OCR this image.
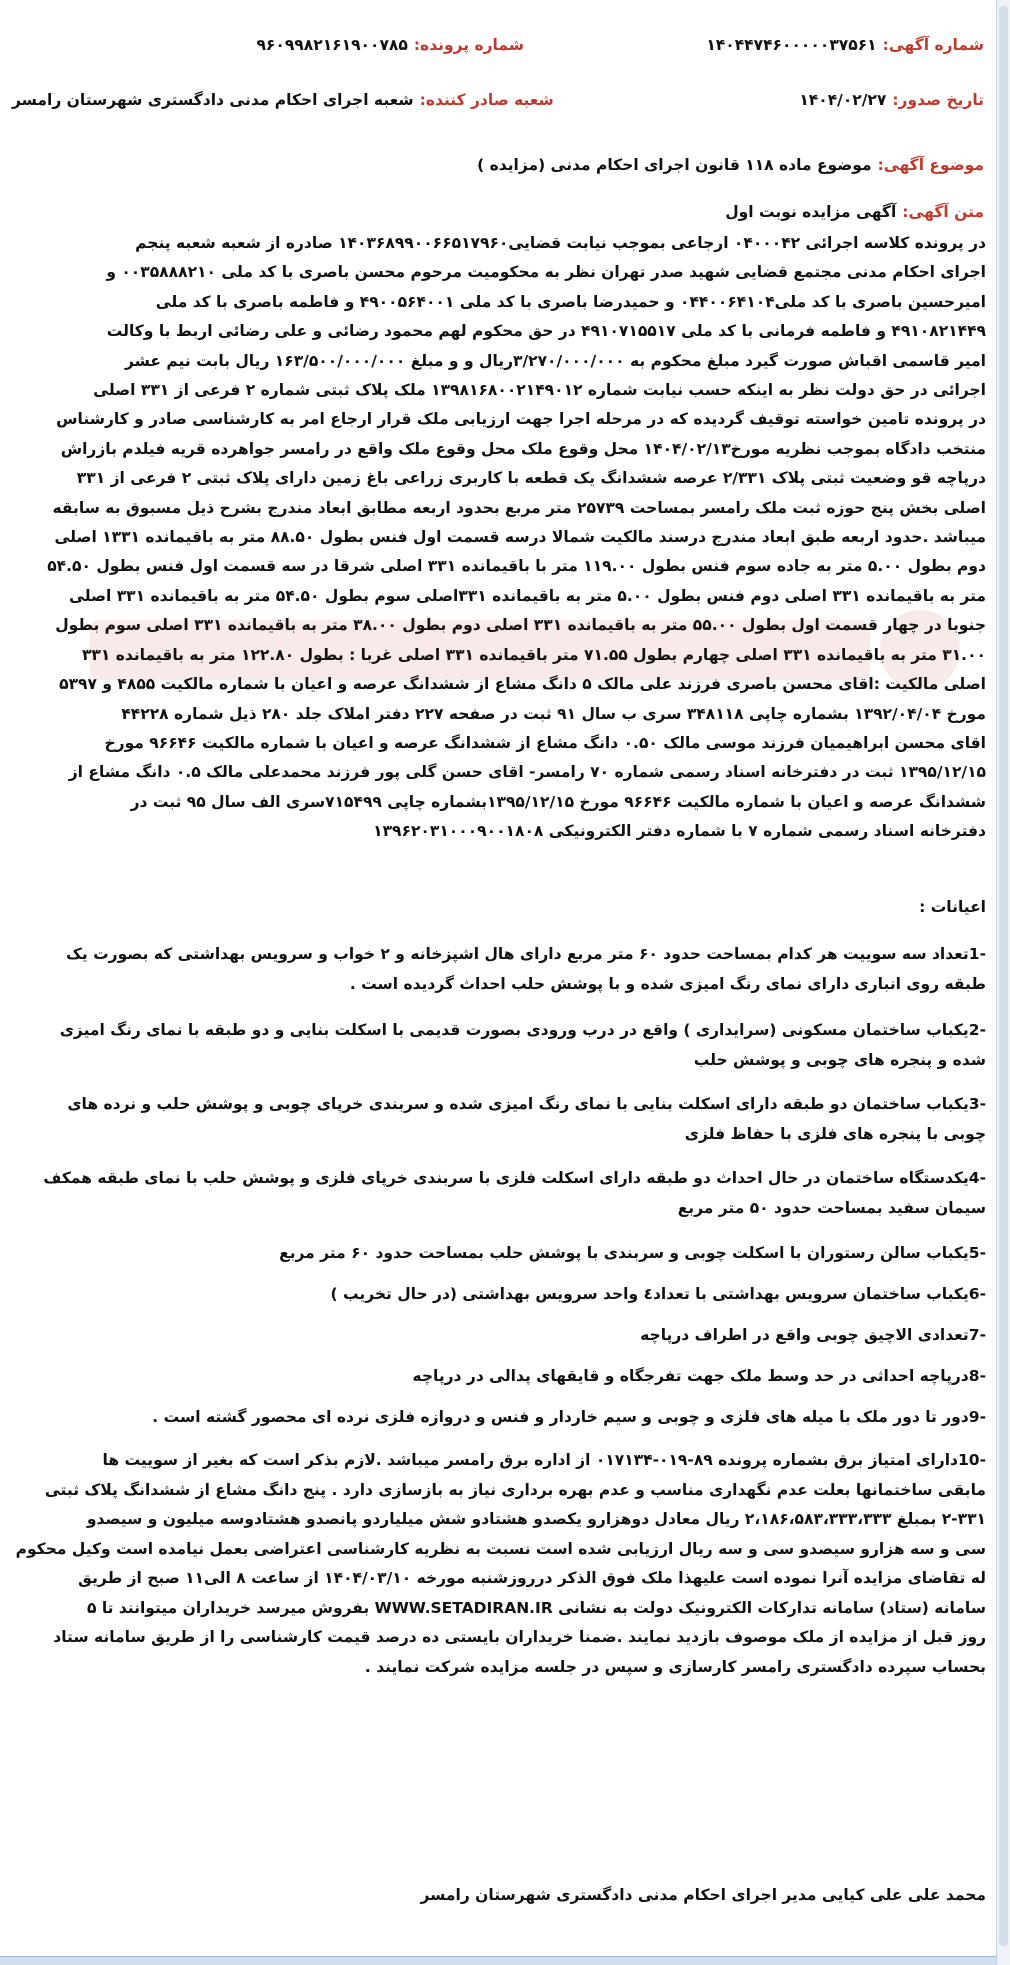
شماره آگهی:
۱۴۰۴۴۷۴۶۰۰۰۰۰۳۷۵۶۱
شماره پرونده:
۹۶۰۹۹۸۲۱۶۱۹۰۰۷۸۵
تاریخ صدور:
۱۴۰۴/۰۲/۲۷
شعبه صادر کننده:
شعبه اجرای احکام مدنی دادگستری شهرستان رامسر
موضوع آگهی:
موضوع ماده ۱۱۸ قانون اجرای احکام مدنی (مزایده )
متن آگهی:
آگهی مزایده نوبت اول
در پرونده کلاسه اجرائی ۰۴۰۰۰۴۲ ارجاعی بموجب نیابت قضایی۱۴۰۳۶۸۹۹۰۰۶۶۵۱۷۹۶۰ صادره از شعبه شعبه پنجم
اجرای احکام مدنی مجتمع قضایی شهید صدر تهران نظر به محکومیت مرحوم محسن باصری با کد ملی ۰۰۳۵۸۸۸۲۱۰ و
امیرحسین باصری با کد ملی۰۴۴۰۰۶۴۱۰۴ و حمیدرضا باصری با کد ملی ۴۹۰۰۵۶۴۰۰۱ و فاطمه باصری با کد ملی
۴۹۱۰۸۲۱۴۴۹ و فاطمه فرمانی با کد ملی ۴۹۱۰۷۱۵۵۱۷ در حق محکوم لهم محمود رضائی و علی رضائی اربط با وکالت
امیر قاسمی اقباش صورت گیرد مبلغ محکوم به ۳/۲۷۰/۰۰۰/۰۰۰ریال و و مبلغ ۱۶۳/۵۰۰/۰۰۰/۰۰۰ ریال بابت نیم عشر
اجرائی در حق دولت نظر به اینکه حسب نیابت شماره ۱۳۹۸۱۶۸۰۰۲۱۴۹۰۱۲ ملک پلاک ثبتی شماره ۲ فرعی از ۳۳۱ اصلی
در پرونده تامین خواسته توقیف گردیده که در مرحله اجرا جهت ارزیابی ملک قرار ارجاع امر به کارشناسی صادر و کارشناس
منتخب دادگاه بموجب نظریه مورخ۱۴۰۴/۰۲/۱۳ محل وقوع ملک محل وقوع ملک واقع در رامسر جواهرده قریه فیلدم بازراش
درپاچه قو وضعیت ثبتی پلاک ۲/۳۳۱ عرصه ششدانگ یک قطعه با کاربری زراعی باغ زمین دارای پلاک ثبتی ۲ فرعی از ۳۳۱
اصلی بخش پنج حوزه ثبت ملک رامسر بمساحت ۲۵۷۳۹ متر مربع بحدود اربعه مطابق ابعاد مندرج بشرح ذیل مسبوق به سابقه
میباشد .حدود اربعه طبق ابعاد مندرج درسند مالکیت شمالا درسه قسمت اول فنس بطول ۸۸.۵۰ متر به باقیمانده ۱۳۳۱ اصلی
دوم بطول ۵.۰۰ متر به جاده سوم فنس بطول ۱۱۹.۰۰ متر با باقیمانده ۳۳۱ اصلی شرقا در سه قسمت اول فنس بطول ۵۴.۵۰
متر به باقیمانده ۳۳۱ اصلی دوم فنس بطول ۵.۰۰ متر به باقیمانده ۳۳۱اصلی سوم بطول ۵۴.۵۰ متر به باقیمانده ۳۳۱ اصلی
جنوبا در چهار قسمت اول بطول ۵۵.۰۰ متر به باقیمانده ۳۳۱ اصلی دوم بطول ۳۸.۰۰ متر به باقیمانده ۳۳۱ اصلی سوم بطول
۳۱.۰۰ متر به باقیمانده ۳۳۱ اصلی چهارم بطول ۷۱.۵۵ متر باقیمانده ۳۳۱ اصلی غربا : بطول ۱۲۲.۸۰ متر به باقیمانده ۳۳۱
اصلی مالکیت :اقای محسن باصری فرزند علی مالک ۵ دانگ مشاع از ششدانگ عرصه و اعیان با شماره مالکیت ۴۸۵۵ و ۵۳۹۷
مورخ ۱۳۹۲/۰۴/۰۴ بشماره چاپی ۳۴۸۱۱۸ سری ب سال ۹۱ ثبت در صفحه ۲۲۷ دفتر املاک جلد ۲۸۰ ذیل شماره ۴۴۲۲۸
اقای محسن ابراهیمیان فرزند موسی مالک ۰.۵۰ دانگ مشاع از ششدانگ عرصه و اعیان با شماره مالکیت ۹۶۶۴۶ مورخ
۱۳۹۵/۱۲/۱۵ ثبت در دفترخانه اسناد رسمی شماره ۷۰ رامسر- اقای حسن گلی پور فرزند محمدعلی مالک ۰.۵ دانگ مشاع از
ششدانگ عرصه و اعیان با شماره مالکیت ۹۶۶۴۶ مورخ ۱۳۹۵/۱۲/۱۵بشماره چاپی ۷۱۵۴۹۹سری الف سال ۹۵ ثبت در
دفترخانه اسناد رسمی شماره ۷ با شماره دفتر الکترونیکی ۱۳۹۶۲۰۳۱۰۰۰۹۰۰۱۸۰۸
اعیانات :
-1تعداد سه سوییت هر کدام بمساحت حدود ۶۰ متر مربع دارای هال اشپزخانه و ۲ خواب و سرویس بهداشتی که بصورت یک
طبقه روی انباری دارای نمای رنگ امیزی شده و با پوشش حلب احداث گردیده است .
-2یکباب ساختمان مسکونی (سرایداری ) واقع در درب ورودی بصورت قدیمی با اسکلت بنایی و دو طبقه با نمای رنگ امیزی
شده و پنجره های چوبی و پوشش حلب
-3یکباب ساختمان دو طبقه دارای اسکلت بنایی با نمای رنگ امیزی شده و سربندی خرپای چوبی و پوشش حلب و نرده های
چوبی با پنجره های فلزی با حفاظ فلزی
-4یکدستگاه ساختمان در حال احداث دو طبقه دارای اسکلت فلزی با سربندی خرپای فلزی و پوشش حلب با نمای طبقه همکف
سیمان سفید بمساحت حدود ۵۰ متر مربع
-5یکباب سالن رستوران با اسکلت چوبی و سربندی با پوشش حلب بمساحت حدود ۶۰ متر مربع
-6یکباب ساختمان سرویس بهداشتی با تعداد٤ واحد سرویس بهداشتی (در حال تخریب )
-7تعدادی الاچیق چوبی واقع در اطراف درپاچه
-8درپاچه احداثی در حد وسط ملک جهت تفرجگاه و قایقهای پدالی در درپاچه
-9دور تا دور ملک با میله های فلزی و چوبی و سیم خاردار و فنس و دروازه فلزی نرده ای محصور گشته است .
-10دارای امتیاز برق بشماره پرونده ۸۹-۰۱۹-۰۱۷۱۳۴ از اداره برق رامسر میباشد .لازم بذکر است که بغیر از سوییت ها
مابقی ساختمانها بعلت عدم نگهداری مناسب و عدم بهره برداری نیاز به بازسازی دارد . پنج دانگ مشاع از ششدانگ پلاک ثبتی
۲-۳۳۱ بمبلغ ۲،۱۸۶،۵۸۳،۳۳۳،۳۳۳ ریال معادل دوهزارو یکصدو هشتادو شش میلیاردو پانصدو هشتادوسه میلیون و سیصدو
سی و سه هزارو سیصدو سی و سه ریال ارزیابی شده است نسبت به نظریه کارشناسی اعتراضی بعمل نیامده است وکیل محکوم
له تقاضای مزایده آنرا نموده است علیهذا ملک فوق الذکر درروزشنبه مورخه ۱۴۰۴/۰۳/۱۰ از ساعت ۸ الی۱۱ صبح از طریق
سامانه (ستاد) سامانه تدارکات الکترونیک دولت به نشانی WWW.SETADIRAN.IR بفروش میرسد خریداران میتوانند تا ۵
روز قبل از مزایده از ملک موصوف بازدید نمایند .ضمنا خریداران بایستی ده درصد قیمت کارشناسی را از طریق سامانه ستاد
بحساب سپرده دادگستری رامسر کارسازی و سپس در جلسه مزایده شرکت نمایند .
محمد علی علی کیایی مدیر اجرای احکام مدنی دادگستری شهرستان رامسر
